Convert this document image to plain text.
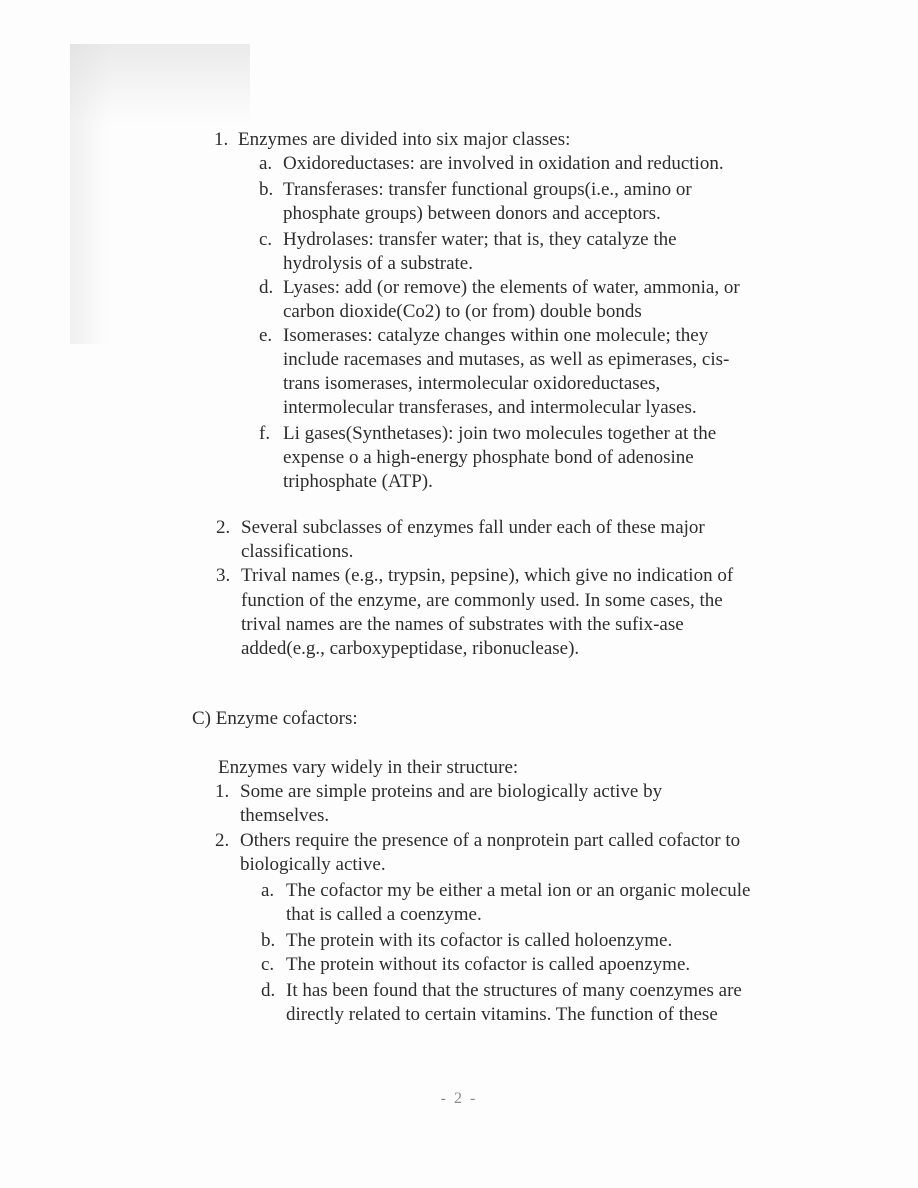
1. Enzymes are divided into six major classes:
a. Oxidoreductases: are involved in oxidation and reduction.
b. Transferases: transfer functional groups(i.e., amino or
phosphate groups) between donors and acceptors.
c. Hydrolases: transfer water; that is, they catalyze the
hydrolysis of a substrate.
d. Lyases: add (or remove) the elements of water, ammonia, or
carbon dioxide(Co2) to (or from) double bonds
e. Isomerases: catalyze changes within one molecule; they
include racemases and mutases, as well as epimerases, cis-
trans isomerases, intermolecular oxidoreductases,
intermolecular transferases, and intermolecular lyases.
f. Li gases(Synthetases): join two molecules together at the
expense o a high-energy phosphate bond of adenosine
triphosphate (ATP).
2. Several subclasses of enzymes fall under each of these major
classifications.
3. Trival names (e.g., trypsin, pepsine), which give no indication of
function of the enzyme, are commonly used. In some cases, the
trival names are the names of substrates with the sufix-ase
added(e.g., carboxypeptidase, ribonuclease).
C) Enzyme cofactors:
Enzymes vary widely in their structure:
1. Some are simple proteins and are biologically active by
themselves.
2. Others require the presence of a nonprotein part called cofactor to
biologically active.
a. The cofactor my be either a metal ion or an organic molecule
that is called a coenzyme.
b. The protein with its cofactor is called holoenzyme.
c. The protein without its cofactor is called apoenzyme.
d. It has been found that the structures of many coenzymes are
directly related to certain vitamins. The function of these
- 2 -
